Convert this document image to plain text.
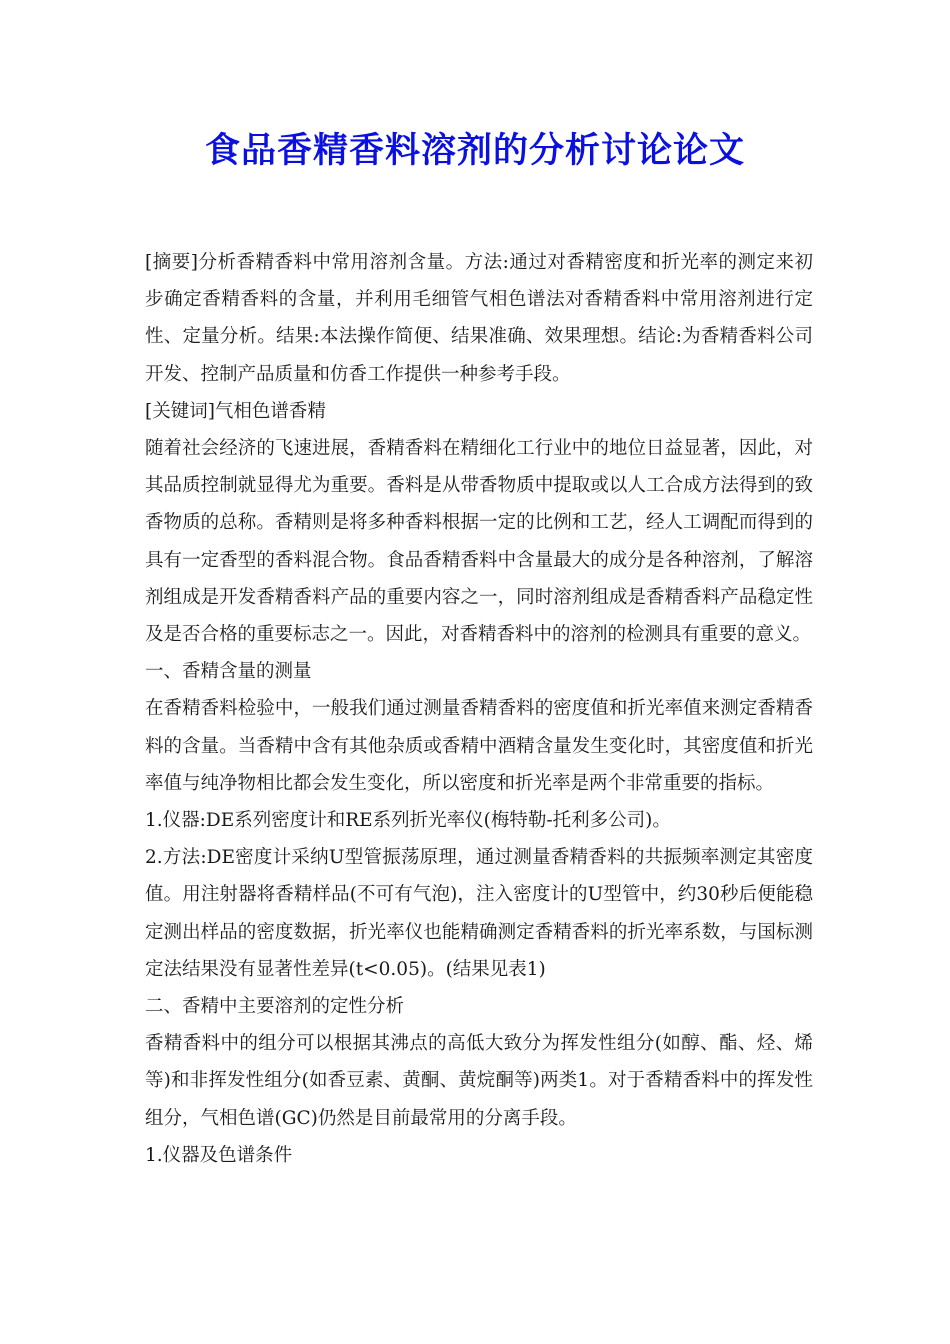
食品香精香料溶剂的分析讨论论文

[摘要]分析香精香料中常用溶剂含量。方法:通过对香精密度和折光率的测定来初步确定香精香料的含量，并利用毛细管气相色谱法对香精香料中常用溶剂进行定性、定量分析。结果:本法操作简便、结果准确、效果理想。结论:为香精香料公司开发、控制产品质量和仿香工作提供一种参考手段。

[关键词]气相色谱香精

随着社会经济的飞速进展，香精香料在精细化工行业中的地位日益显著，因此，对其品质控制就显得尤为重要。香料是从带香物质中提取或以人工合成方法得到的致香物质的总称。香精则是将多种香料根据一定的比例和工艺，经人工调配而得到的具有一定香型的香料混合物。食品香精香料中含量最大的成分是各种溶剂，了解溶剂组成是开发香精香料产品的重要内容之一，同时溶剂组成是香精香料产品稳定性及是否合格的重要标志之一。因此，对香精香料中的溶剂的检测具有重要的意义。

一、香精含量的测量

在香精香料检验中，一般我们通过测量香精香料的密度值和折光率值来测定香精香料的含量。当香精中含有其他杂质或香精中酒精含量发生变化时，其密度值和折光率值与纯净物相比都会发生变化，所以密度和折光率是两个非常重要的指标。

1.仪器:DE系列密度计和RE系列折光率仪(梅特勒-托利多公司)。

2.方法:DE密度计采纳U型管振荡原理，通过测量香精香料的共振频率测定其密度值。用注射器将香精样品(不可有气泡)，注入密度计的U型管中，约30秒后便能稳定测出样品的密度数据，折光率仪也能精确测定香精香料的折光率系数，与国标测定法结果没有显著性差异(t<0.05)。(结果见表1)

二、香精中主要溶剂的定性分析

香精香料中的组分可以根据其沸点的高低大致分为挥发性组分(如醇、酯、烃、烯等)和非挥发性组分(如香豆素、黄酮、黄烷酮等)两类1。对于香精香料中的挥发性组分，气相色谱(GC)仍然是目前最常用的分离手段。

1.仪器及色谱条件
